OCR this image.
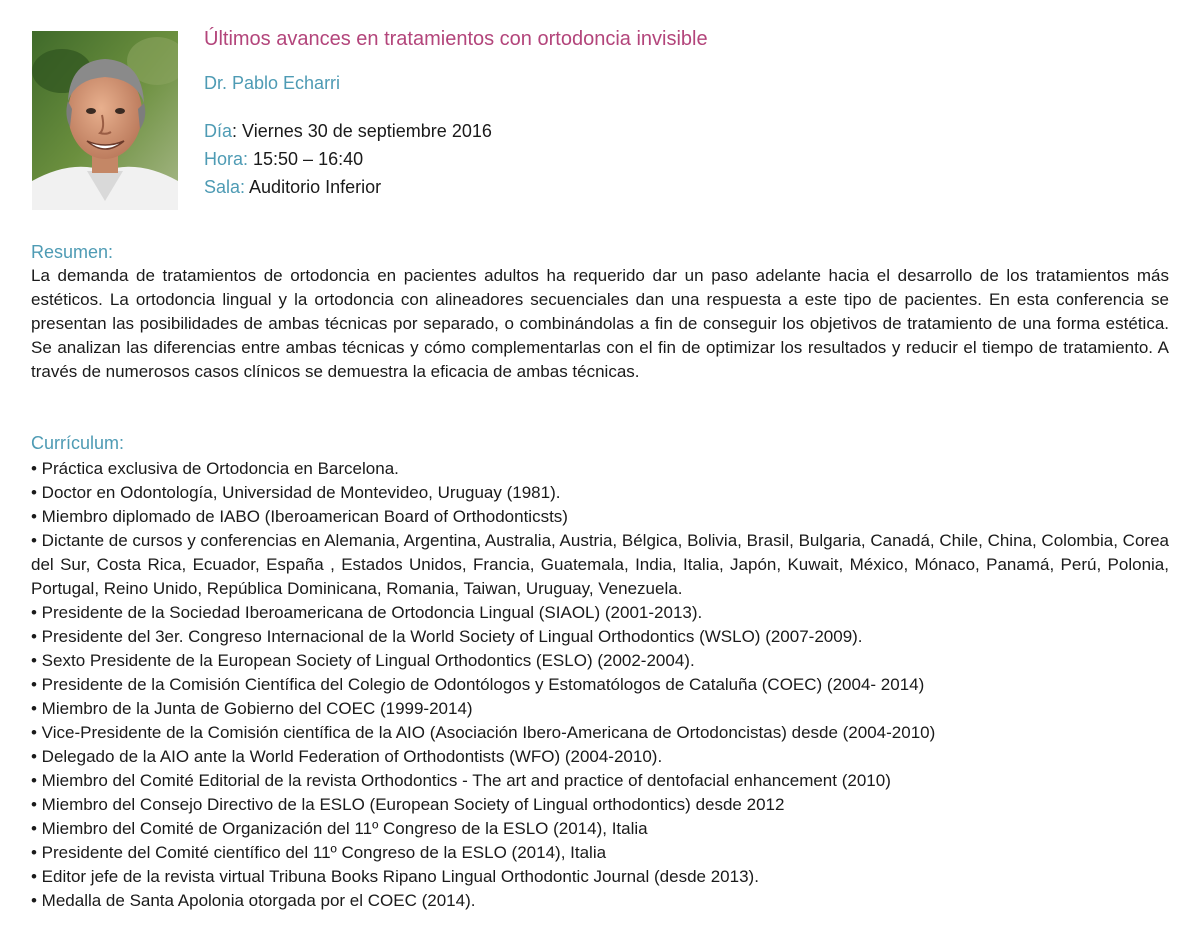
Últimos avances en tratamientos con ortodoncia invisible
Dr. Pablo Echarri
Día: Viernes 30 de septiembre 2016
Hora: 15:50 – 16:40
Sala: Auditorio Inferior
Resumen:

La demanda de tratamientos de ortodoncia en pacientes adultos ha requerido dar un paso adelante hacia el desarrollo de los tratamientos más estéticos. La ortodoncia lingual y la ortodoncia con alineadores secuenciales dan una respuesta a este tipo de pacientes. En esta conferencia se presentan las posibilidades de ambas técnicas por separado, o combinándolas a fin de conseguir los objetivos de tratamiento de una forma estética. Se analizan las diferencias entre ambas técnicas y cómo complementarlas con el fin de optimizar los resultados y reducir el tiempo de tratamiento. A través de numerosos casos clínicos se demuestra la eficacia de ambas técnicas.

Currículum:
• Práctica exclusiva de Ortodoncia en Barcelona.
• Doctor en Odontología, Universidad de Montevideo, Uruguay (1981).
• Miembro diplomado de IABO (Iberoamerican Board of Orthodonticsts)
• Dictante de cursos y conferencias en Alemania, Argentina, Australia, Austria, Bélgica, Bolivia, Brasil, Bulgaria, Canadá, Chile, China, Colombia, Corea del Sur, Costa Rica, Ecuador, España , Estados Unidos, Francia, Guatemala, India, Italia, Japón, Kuwait, México, Mónaco, Panamá, Perú, Polonia, Portugal, Reino Unido, República Dominicana, Romania, Taiwan, Uruguay, Venezuela.
• Presidente de la Sociedad Iberoamericana de Ortodoncia Lingual (SIAOL) (2001-2013).
• Presidente del 3er. Congreso Internacional de la World Society of Lingual Orthodontics (WSLO) (2007-2009).
• Sexto Presidente de la European Society of Lingual Orthodontics (ESLO) (2002-2004).
• Presidente de la Comisión Científica del Colegio de Odontólogos y Estomatólogos de Cataluña (COEC) (2004- 2014)
• Miembro de la Junta de Gobierno del COEC (1999-2014)
• Vice-Presidente de la Comisión científica de la AIO (Asociación Ibero-Americana de Ortodoncistas) desde (2004-2010)
• Delegado de la AIO ante la World Federation of Orthodontists (WFO) (2004-2010).
• Miembro del Comité Editorial de la revista Orthodontics - The art and practice of dentofacial enhancement (2010)
• Miembro del Consejo Directivo de la ESLO (European Society of Lingual orthodontics) desde 2012
• Miembro del Comité de Organización del 11º Congreso de la ESLO (2014), Italia
• Presidente del Comité científico del 11º Congreso de la ESLO (2014), Italia
• Editor jefe de la revista virtual Tribuna Books Ripano Lingual Orthodontic Journal (desde 2013).
• Medalla de Santa Apolonia otorgada por el COEC (2014).
